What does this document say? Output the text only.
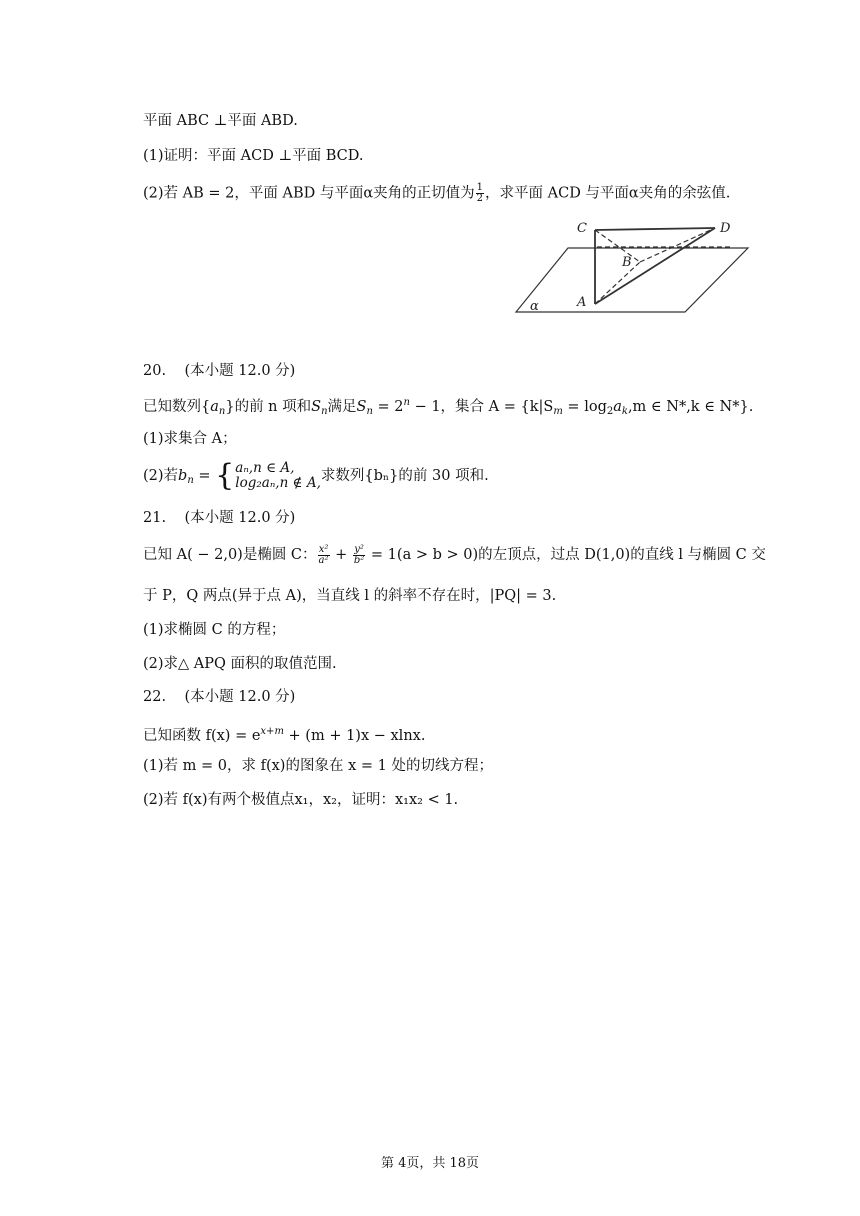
平面 ABC ⊥平面 ABD.
(1)证明：平面 ACD ⊥平面 BCD.
(2)若 AB = 2，平面 ABD 与平面α夹角的正切值为 $\frac{1}{2}$ ，求平面 ACD 与平面α夹角的余弦值.
C	D
B
A
α
20. (本小题 12.0 分)
已知数列$\{a_n\}$的前 n 项和$S_n$满足$S_n = 2^n - 1$，集合 $A = \{k|S_m = \log_2a_k,m$ ∈ N*,k ∈ N*}.
(1)求集合 A；
(2)若$b_n$ = { aₙ,n ∈ A,
log₂aₙ,n ∉ A, 求数列{bₙ}的前 30 项和.
21. (本小题 12.0 分)
已知 A( − 2,0)是椭圆 C： $\frac{\text{x²}}{\text{a²}} + \frac{\text{y²}}{\text{b²}} = 1(a > b > 0)$的左顶点，过点 D(1,0)的直线 l 与椭圆 C 交
于 P，Q 两点(异于点 A)，当直线 l 的斜率不存在时，|PQ| = 3.
(1)求椭圆 C 的方程；
(2)求△ APQ 面积的取值范围.
22. (本小题 12.0 分)
已知函数 $f(x) = e^{x+m} + (m + 1)x - xlnx$.
(1)若 m = 0，求 f(x)的图象在 x = 1 处的切线方程；
(2)若 f(x)有两个极值点x₁，x₂，证明：x₁x₂ < 1.
第 4页，共 18页
